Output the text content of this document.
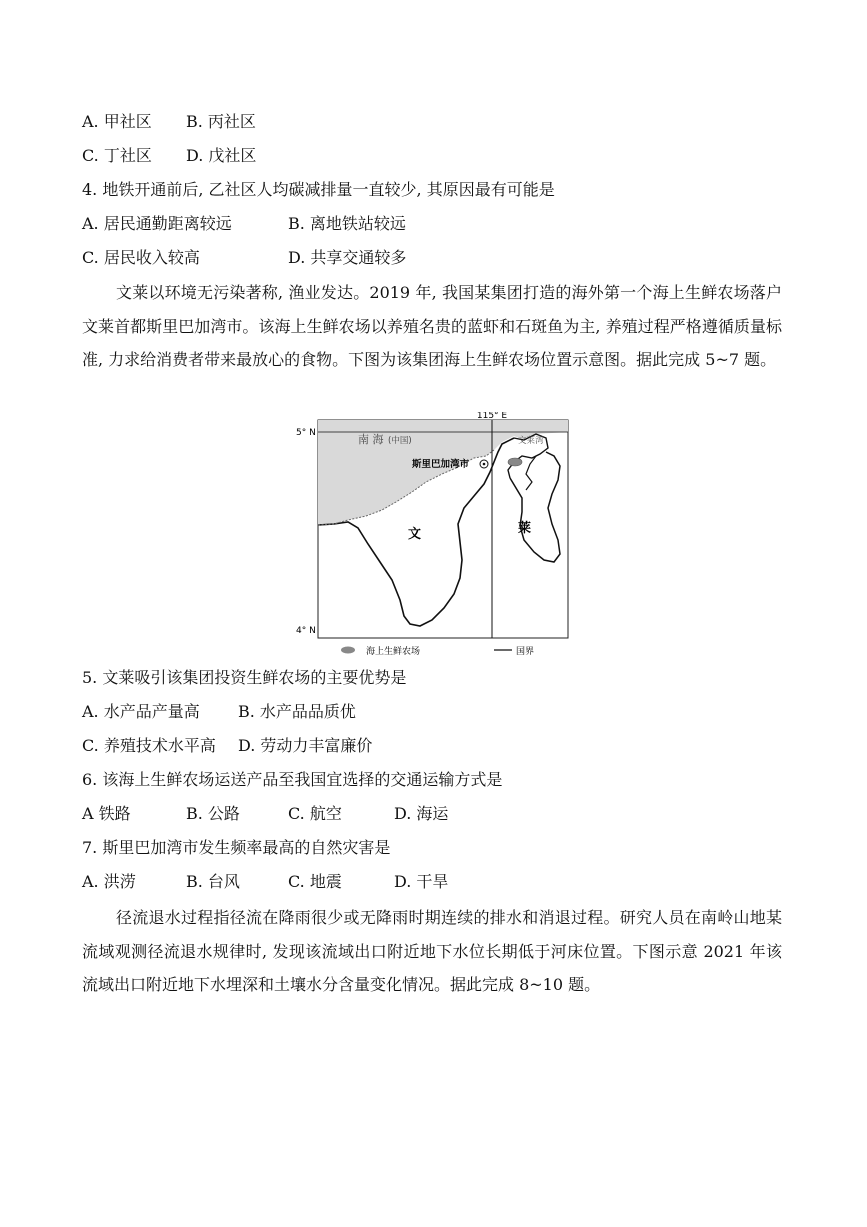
A. 甲社区 B. 丙社区
C. 丁社区 D. 戊社区
4. 地铁开通前后, 乙社区人均碳减排量一直较少, 其原因最有可能是
A. 居民通勤距离较远	B. 离地铁站较远
C. 居民收入较高	D. 共享交通较多
文莱以环境无污染著称, 渔业发达。2019 年, 我国某集团打造的海外第一个海上生鲜农场落户文莱首都斯里巴加湾市。该海上生鲜农场以养殖名贵的蓝虾和石斑鱼为主, 养殖过程严格遵循质量标准, 力求给消费者带来最放心的食物。下图为该集团海上生鲜农场位置示意图。据此完成 5~7 题。
115° E
5° N
4° N
南 海 (中国)	文莱湾
斯里巴加湾市
文	莱
海上生鲜农场	国界
5. 文莱吸引该集团投资生鲜农场的主要优势是
A. 水产品产量高 B. 水产品品质优
C. 养殖技术水平高 D. 劳动力丰富廉价
6. 该海上生鲜农场运送产品至我国宜选择的交通运输方式是
A 铁路	B. 公路	C. 航空	D. 海运
7. 斯里巴加湾市发生频率最高的自然灾害是
A. 洪涝	B. 台风	C. 地震	D. 干旱
径流退水过程指径流在降雨很少或无降雨时期连续的排水和消退过程。研究人员在南岭山地某流域观测径流退水规律时, 发现该流域出口附近地下水位长期低于河床位置。下图示意 2021 年该流域出口附近地下水埋深和土壤水分含量变化情况。据此完成 8~10 题。
